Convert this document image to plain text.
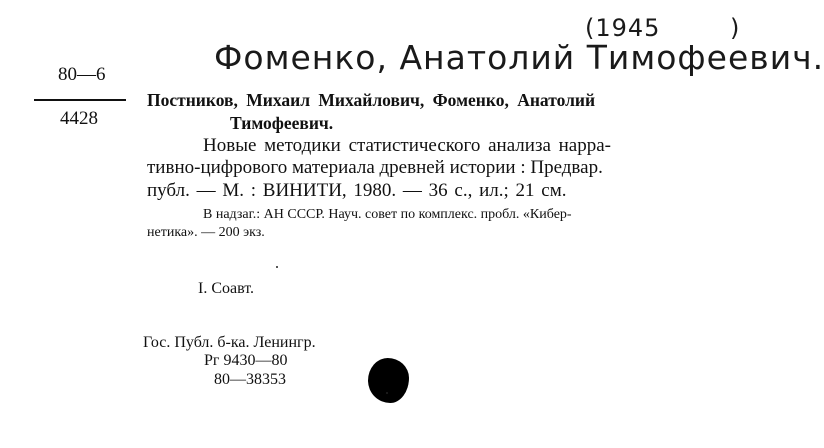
(1945	)
Фоменко, Анатолий Тимофеевич.
80—6
4428
Постников, Михаил Михайлович, Фоменко, Анатолий
Тимофеевич.
Новые методики статистического анализа нарра-
тивно-цифрового материала древней истории : Предвар.
публ. — М. : ВИНИТИ, 1980. — 36 с., ил.; 21 см.
В надзаг.: АН СССР. Науч. совет по комплекс. пробл. «Кибер-
нетика». — 200 экз.
I. Соавт.
Гос. Публ. б-ка. Ленингр.
Рг 9430—80
80—38353
